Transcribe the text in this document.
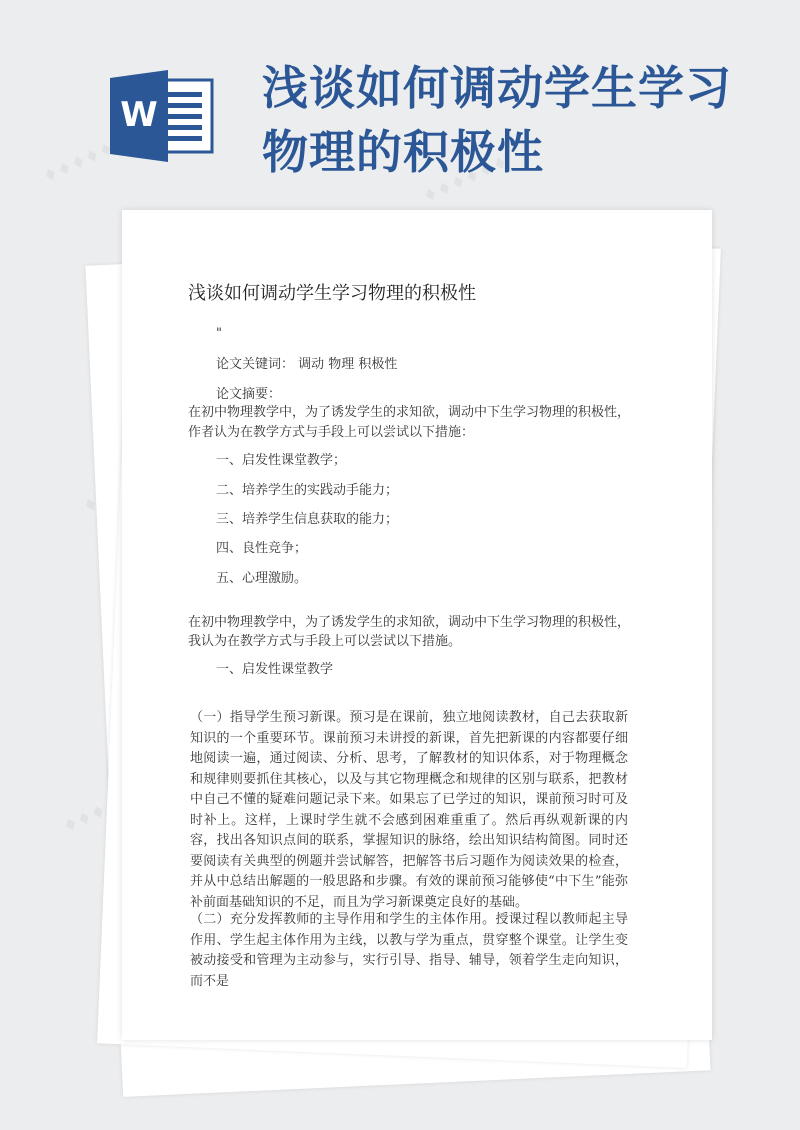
W 浅谈如何调动学生学习物理的积极性
浅谈如何调动学生学习物理的积极性

"

论文关键词： 调动 物理 积极性

论文摘要：

在初中物理教学中，为了诱发学生的求知欲，调动中下生学习物理的积极性，

作者认为在教学方式与手段上可以尝试以下措施：

一、启发性课堂教学；

二、培养学生的实践动手能力；

三、培养学生信息获取的能力；

四、良性竞争；

五、心理激励。

在初中物理教学中，为了诱发学生的求知欲，调动中下生学习物理的积极性，

我认为在教学方式与手段上可以尝试以下措施。

一、启发性课堂教学

（一）指导学生预习新课。预习是在课前，独立地阅读教材，自己去获取新知识的一个重要环节。课前预习未讲授的新课，首先把新课的内容都要仔细地阅读一遍，通过阅读、分析、思考，了解教材的知识体系，对于物理概念和规律则要抓住其核心，以及与其它物理概念和规律的区别与联系，把教材中自己不懂的疑难问题记录下来。如果忘了已学过的知识，课前预习时可及时补上。这样，上课时学生就不会感到困难重重了。然后再纵观新课的内容，找出各知识点间的联系，掌握知识的脉络，绘出知识结构简图。同时还要阅读有关典型的例题并尝试解答，把解答书后习题作为阅读效果的检查，并从中总结出解题的一般思路和步骤。有效的课前预习能够使“中下生”能弥补前面基础知识的不足，而且为学习新课奠定良好的基础。

（二）充分发挥教师的主导作用和学生的主体作用。授课过程以教师起主导作用、学生起主体作用为主线，以教与学为重点，贯穿整个课堂。让学生变被动接受和管理为主动参与，实行引导、指导、辅导，领着学生走向知识，而不是
